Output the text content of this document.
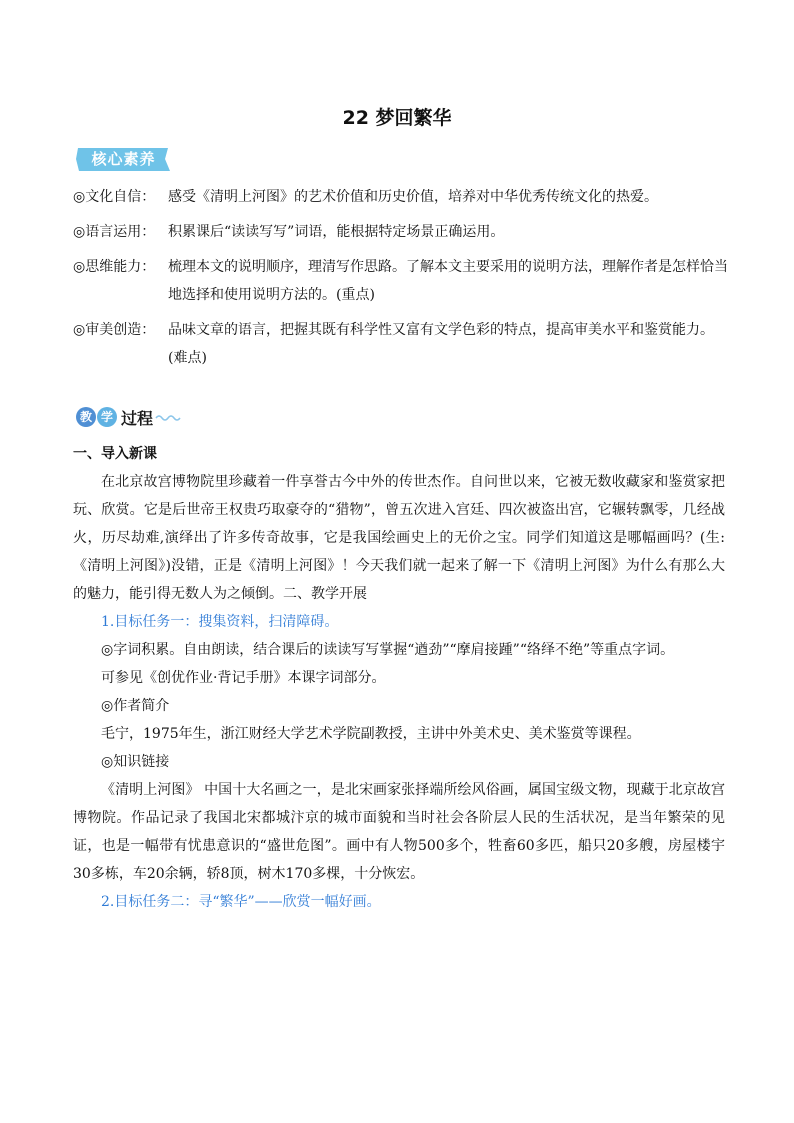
22 梦回繁华
核心素养
◎文化自信： 感受《清明上河图》的艺术价值和历史价值，培养对中华优秀传统文化的热爱。
◎语言运用： 积累课后“读读写写”词语，能根据特定场景正确运用。
◎思维能力： 梳理本文的说明顺序，理清写作思路。了解本文主要采用的说明方法，理解作者是怎样恰当地选择和使用说明方法的。(重点)
◎审美创造： 品味文章的语言，把握其既有科学性又富有文学色彩的特点，提高审美水平和鉴赏能力。(难点)
教 学 过程

一、导入新课

在北京故宫博物院里珍藏着一件享誉古今中外的传世杰作。自问世以来，它被无数收藏家和鉴赏家把玩、欣赏。它是后世帝王权贵巧取豪夺的“猎物”，曾五次进入宫廷、四次被盗出宫，它辗转飘零，几经战火，历尽劫难,演绎出了许多传奇故事，它是我国绘画史上的无价之宝。同学们知道这是哪幅画吗？(生:《清明上河图》)没错，正是《清明上河图》！今天我们就一起来了解一下《清明上河图》为什么有那么大的魅力，能引得无数人为之倾倒。二、教学开展

1.目标任务一：搜集资料，扫清障碍。

◎字词积累。自由朗读，结合课后的读读写写掌握“遒劲”“摩肩接踵”“络绎不绝”等重点字词。

可参见《创优作业·背记手册》本课字词部分。

◎作者简介

毛宁，1975年生，浙江财经大学艺术学院副教授，主讲中外美术史、美术鉴赏等课程。

◎知识链接

《清明上河图》 中国十大名画之一，是北宋画家张择端所绘风俗画，属国宝级文物，现藏于北京故宫博物院。作品记录了我国北宋都城汴京的城市面貌和当时社会各阶层人民的生活状况，是当年繁荣的见证，也是一幅带有忧患意识的“盛世危图”。画中有人物500多个，牲畜60多匹，船只20多艘，房屋楼宇30多栋，车20余辆，轿8顶，树木170多棵，十分恢宏。

2.目标任务二：寻“繁华”——欣赏一幅好画。
